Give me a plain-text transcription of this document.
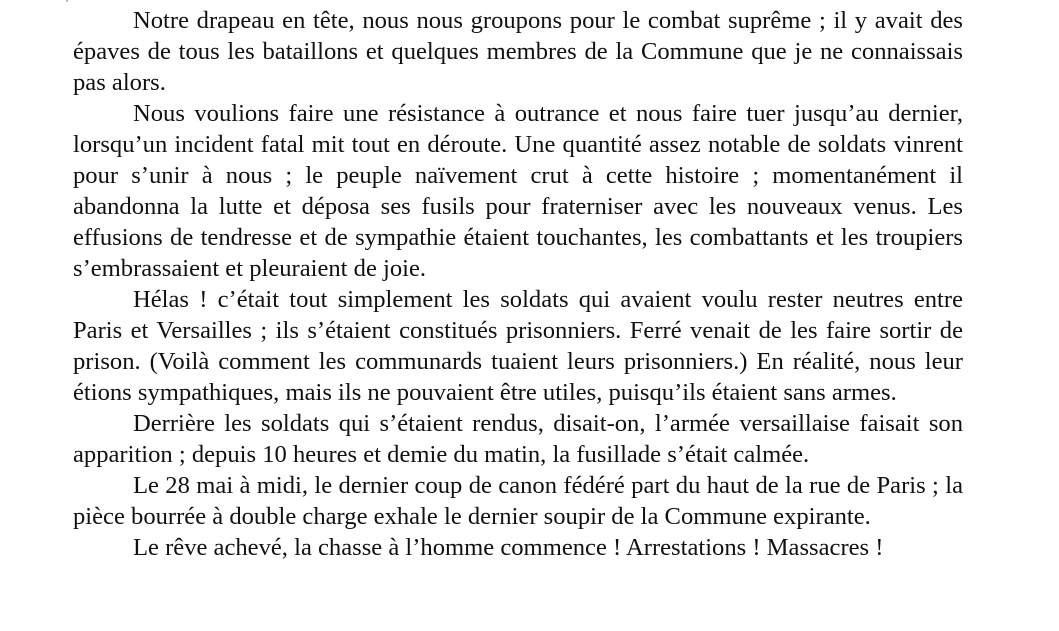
Notre drapeau en tête, nous nous groupons pour le combat suprême ; il y avait des épaves de tous les bataillons et quelques membres de la Commune que je ne connaissais pas alors.

Nous voulions faire une résistance à outrance et nous faire tuer jusqu’au dernier, lorsqu’un incident fatal mit tout en déroute. Une quantité assez notable de soldats vinrent pour s’unir à nous ; le peuple naïvement crut à cette histoire ; momentanément il abandonna la lutte et déposa ses fusils pour fraterniser avec les nouveaux venus. Les effusions de tendresse et de sympathie étaient touchantes, les combattants et les troupiers s’embrassaient et pleuraient de joie.

Hélas ! c’était tout simplement les soldats qui avaient voulu rester neutres entre Paris et Versailles ; ils s’étaient constitués prisonniers. Ferré venait de les faire sortir de prison. (Voilà comment les communards tuaient leurs prisonniers.) En réalité, nous leur étions sympathiques, mais ils ne pouvaient être utiles, puisqu’ils étaient sans armes.

Derrière les soldats qui s’étaient rendus, disait-on, l’armée versaillaise faisait son apparition ; depuis 10 heures et demie du matin, la fusillade s’était calmée.

Le 28 mai à midi, le dernier coup de canon fédéré part du haut de la rue de Paris ; la pièce bourrée à double charge exhale le dernier soupir de la Commune expirante.

Le rêve achevé, la chasse à l’homme commence ! Arrestations ! Massacres !
